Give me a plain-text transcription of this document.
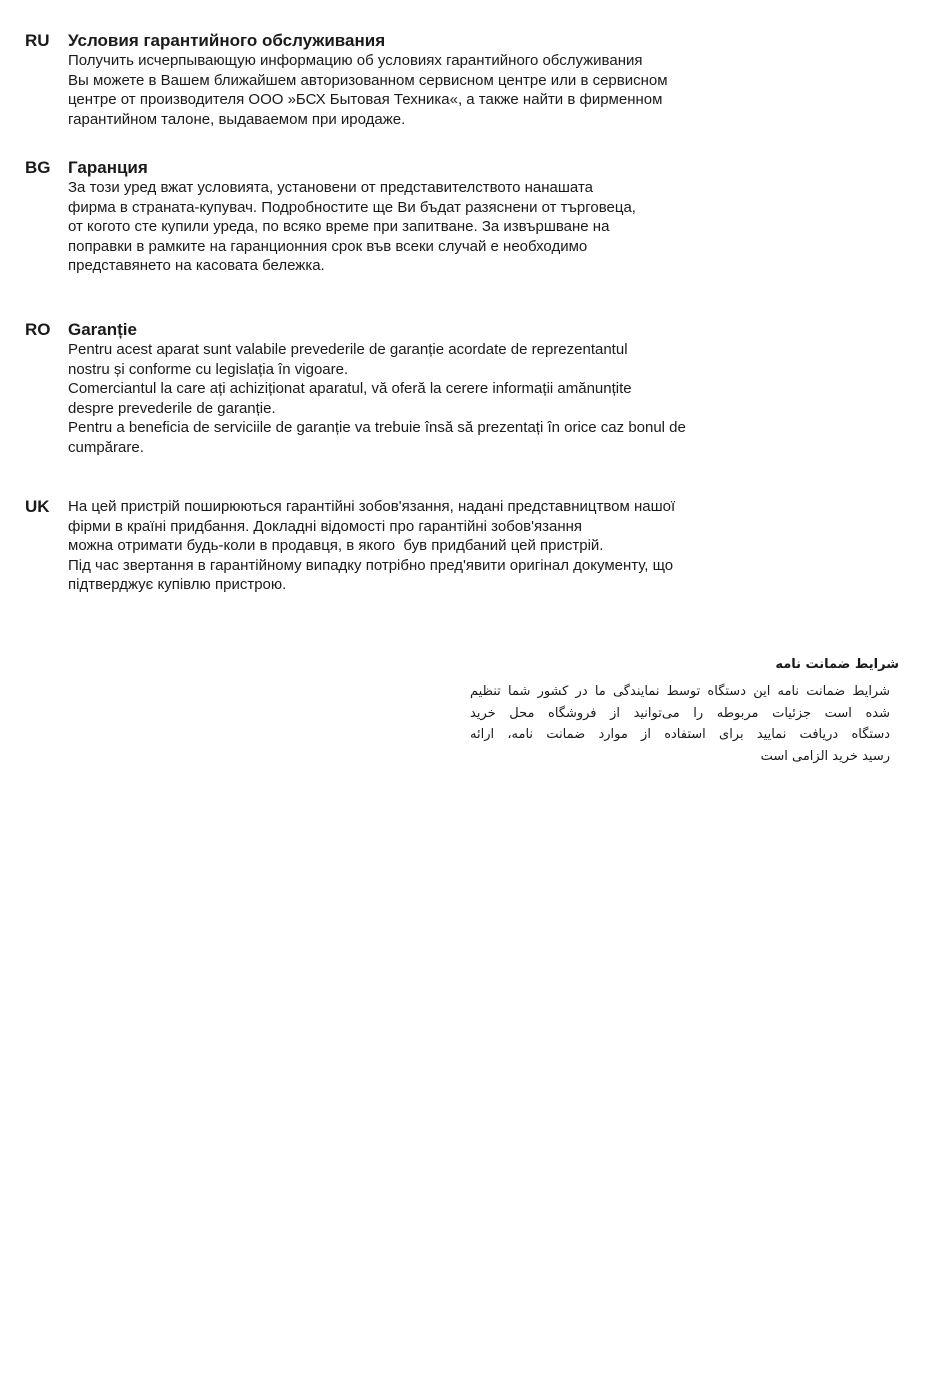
RU Условия гарантийного обслуживания

Получить исчерпывающую информацию об условиях гарантийного обслуживания

Вы можете в Вашем ближайшем авторизованном сервисном центре или в сервисном

центре от производителя ООО »БСХ Бытовая Техника«, а также найти в фирменном

гарантийном талоне, выдаваемом при иродаже.

BG Гаранция

За този уред вжат условията, установени от представителството нанашата

фирма в страната-купувач. Подробностите ще Ви бъдат разяснени от търговеца,

от когото сте купили уреда, по всяко време при запитване. За извършване на

поправки в рамките на гаранционния срок във всеки случай е необходимо

представянето на касовата бележка.

RO Garanție

Pentru acest aparat sunt valabile prevederile de garanție acordate de reprezentantul

nostru și conforme cu legislația în vigoare.

Comerciantul la care ați achiziționat aparatul, vă oferă la cerere informații amănunțite

despre prevederile de garanție.

Pentru a beneficia de serviciile de garanție va trebuie însă să prezentați în orice caz bonul de

cumpărare.

UK На цей пристрій поширюються гарантійні зобов'язання, надані представництвом нашої

фірми в країні придбання. Докладні відомості про гарантійні зобов'язання

можна отримати будь-коли в продавця, в якого  був придбаний цей пристрій.

Під час звертання в гарантійному випадку потрібно пред'явити оригінал документу, що

підтверджує купівлю пристрою.

شرایط ضمانت نامه

شرایط ضمانت نامه این دستگاه توسط نمایندگی ما در کشور شما تنظیم

شده است جزئیات مربوطه را می‌توانید از فروشگاه محل خرید

دستگاه دریافت نمایید برای استفاده از موارد ضمانت نامه، ارائه

رسید خرید الزامی است
